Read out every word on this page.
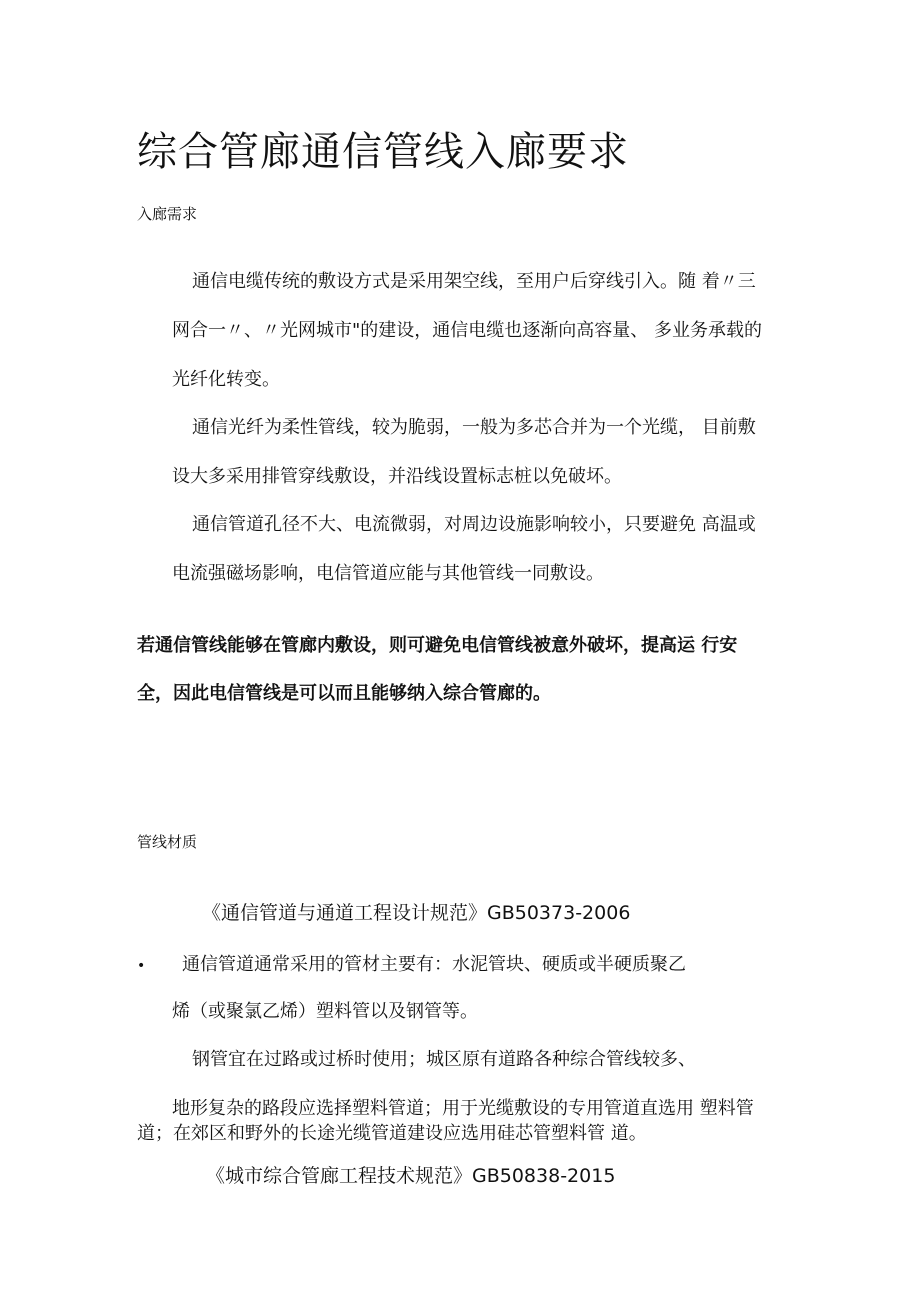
综合管廊通信管线入廊要求
入廊需求
通信电缆传统的敷设方式是采用架空线，至用户后穿线引入。随 着〃三
网合一〃、〃光网城市"的建设，通信电缆也逐渐向高容量、 多业务承载的
光纤化转变。
通信光纤为柔性管线，较为脆弱，一般为多芯合并为一个光缆， 目前敷
设大多采用排管穿线敷设，并沿线设置标志桩以免破坏。
通信管道孔径不大、电流微弱，对周边设施影响较小，只要避免 高温或
电流强磁场影响，电信管道应能与其他管线一同敷设。
若通信管线能够在管廊内敷设，则可避免电信管线被意外破坏，提高运 行安
全，因此电信管线是可以而且能够纳入综合管廊的。
管线材质
《通信管道与通道工程设计规范》GB50373-2006
• 通信管道通常采用的管材主要有：水泥管块、硬质或半硬质聚乙
烯（或聚氯乙烯）塑料管以及钢管等。
钢管宜在过路或过桥时使用；城区原有道路各种综合管线较多、
地形复杂的路段应选择塑料管道；用于光缆敷设的专用管道直选用 塑料管
道；在郊区和野外的长途光缆管道建设应选用硅芯管塑料管 道。
《城市综合管廊工程技术规范》GB50838-2015
